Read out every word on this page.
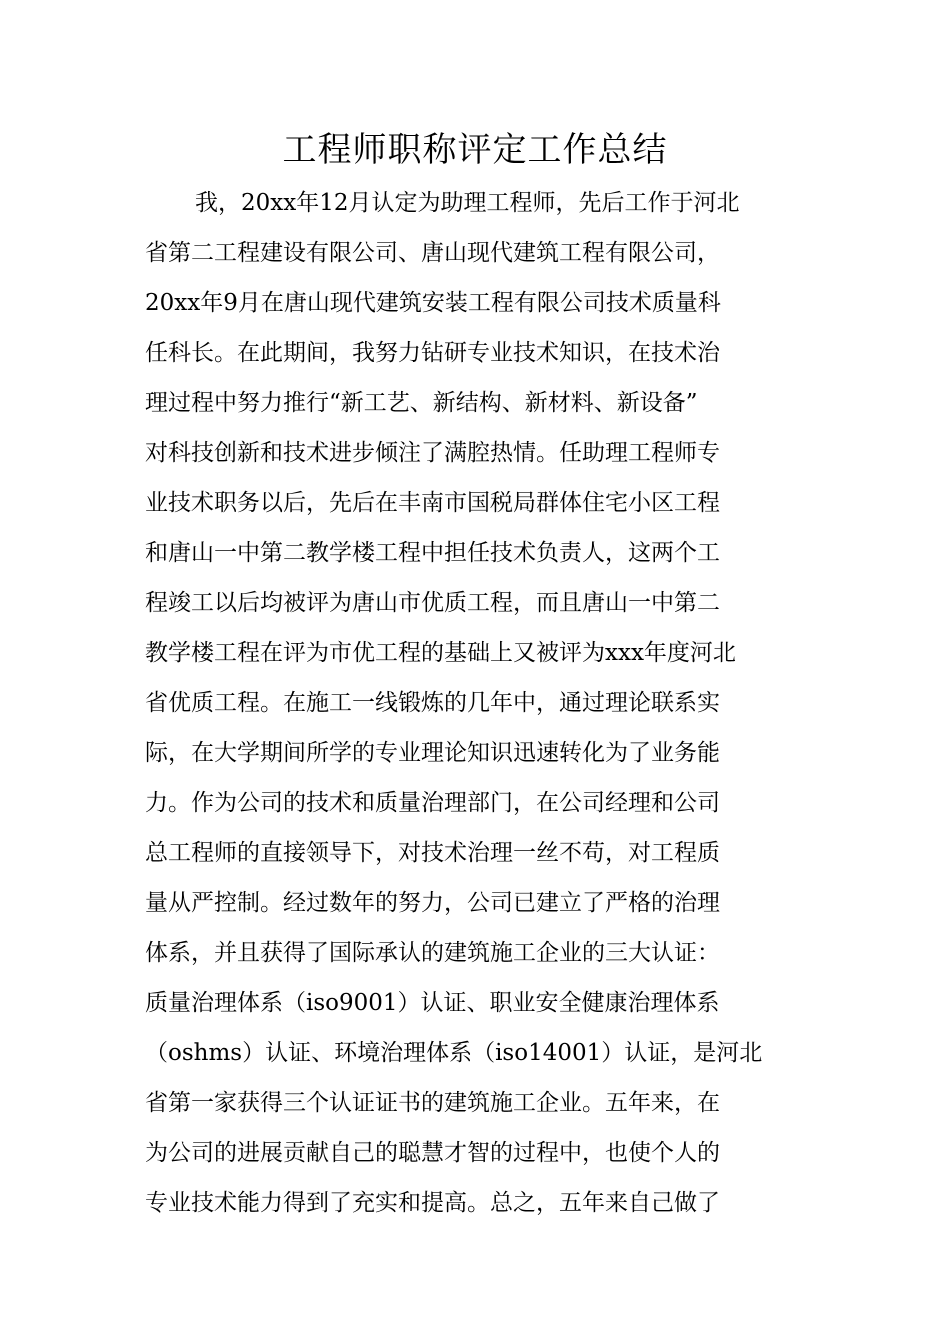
工程师职称评定工作总结
我，20xx年12月认定为助理工程师，先后工作于河北
省第二工程建设有限公司、唐山现代建筑工程有限公司，
20xx年9月在唐山现代建筑安装工程有限公司技术质量科
任科长。在此期间，我努力钻研专业技术知识，在技术治
理过程中努力推行“新工艺、新结构、新材料、新设备”
对科技创新和技术进步倾注了满腔热情。任助理工程师专
业技术职务以后，先后在丰南市国税局群体住宅小区工程
和唐山一中第二教学楼工程中担任技术负责人，这两个工
程竣工以后均被评为唐山市优质工程，而且唐山一中第二
教学楼工程在评为市优工程的基础上又被评为xxx年度河北
省优质工程。在施工一线锻炼的几年中，通过理论联系实
际，在大学期间所学的专业理论知识迅速转化为了业务能
力。作为公司的技术和质量治理部门，在公司经理和公司
总工程师的直接领导下，对技术治理一丝不苟，对工程质
量从严控制。经过数年的努力，公司已建立了严格的治理
体系，并且获得了国际承认的建筑施工企业的三大认证：
质量治理体系（iso9001）认证、职业安全健康治理体系
（oshms）认证、环境治理体系（iso14001）认证，是河北
省第一家获得三个认证证书的建筑施工企业。五年来，在
为公司的进展贡献自己的聪慧才智的过程中，也使个人的
专业技术能力得到了充实和提高。总之，五年来自己做了
